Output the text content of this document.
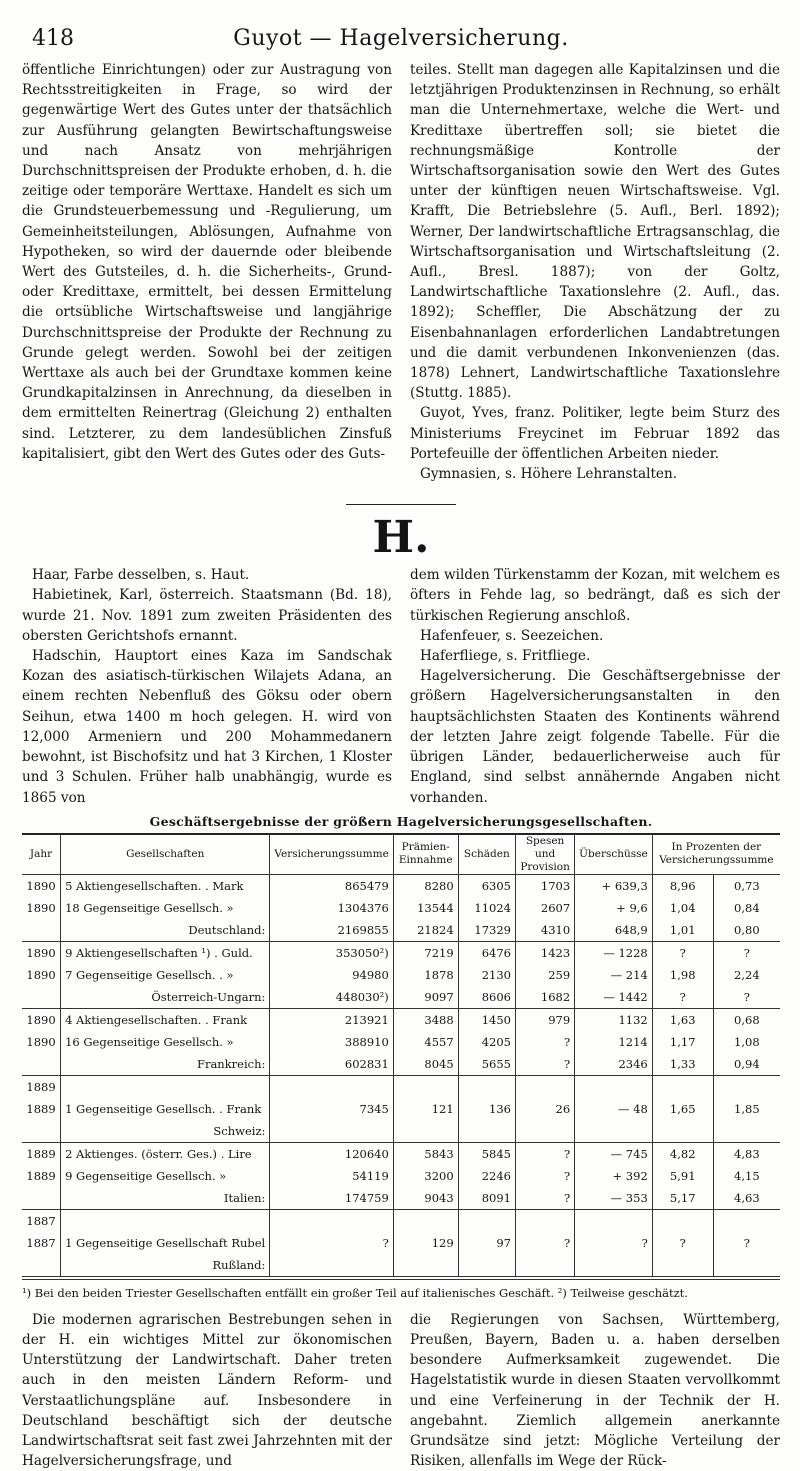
418	Guyot — Hagelversicherung.

öffentliche Einrichtungen) oder zur Austragung von Rechtsstreitigkeiten in Frage, so wird der gegenwärtige Wert des Gutes unter der thatsächlich zur Ausführung gelangten Bewirtschaftungsweise und nach Ansatz von mehrjährigen Durchschnittspreisen der Produkte erhoben, d. h. die zeitige oder temporäre Werttaxe. Handelt es sich um die Grundsteuerbemessung und -Regulierung, um Gemeinheitsteilungen, Ablösungen, Aufnahme von Hypotheken, so wird der dauernde oder bleibende Wert des Gutsteiles, d. h. die Sicherheits-, Grund- oder Kredittaxe, ermittelt, bei dessen Ermittelung die ortsübliche Wirtschaftsweise und langjährige Durchschnittspreise der Produkte der Rechnung zu Grunde gelegt werden. Sowohl bei der zeitigen Werttaxe als auch bei der Grundtaxe kommen keine Grundkapitalzinsen in Anrechnung, da dieselben in dem ermittelten Reinertrag (Gleichung 2) enthalten sind. Letzterer, zu dem landesüblichen Zinsfuß kapitalisiert, gibt den Wert des Gutes oder des Guts-

teiles. Stellt man dagegen alle Kapitalzinsen und die letztjährigen Produktenzinsen in Rechnung, so erhält man die Unternehmertaxe, welche die Wert- und Kredittaxe übertreffen soll; sie bietet die rechnungsmäßige Kontrolle der Wirtschaftsorganisation sowie den Wert des Gutes unter der künftigen neuen Wirtschaftsweise. Vgl. Krafft, Die Betriebslehre (5. Aufl., Berl. 1892); Werner, Der landwirtschaftliche Ertragsanschlag, die Wirtschaftsorganisation und Wirtschaftsleitung (2. Aufl., Bresl. 1887); von der Goltz, Landwirtschaftliche Taxationslehre (2. Aufl., das. 1892); Scheffler, Die Abschätzung der zu Eisenbahnanlagen erforderlichen Landabtretungen und die damit verbundenen Inkonvenienzen (das. 1878) Lehnert, Landwirtschaftliche Taxationslehre (Stuttg. 1885).

Guyot, Yves, franz. Politiker, legte beim Sturz des Ministeriums Freycinet im Februar 1892 das Portefeuille der öffentlichen Arbeiten nieder.

Gymnasien, s. Höhere Lehranstalten.

H.

Haar, Farbe desselben, s. Haut.

Habietinek, Karl, österreich. Staatsmann (Bd. 18), wurde 21. Nov. 1891 zum zweiten Präsidenten des obersten Gerichtshofs ernannt.

Hadschin, Hauptort eines Kaza im Sandschak Kozan des asiatisch-türkischen Wilajets Adana, an einem rechten Nebenfluß des Göksu oder obern Seihun, etwa 1400 m hoch gelegen. H. wird von 12,000 Armeniern und 200 Mohammedanern bewohnt, ist Bischofsitz und hat 3 Kirchen, 1 Kloster und 3 Schulen. Früher halb unabhängig, wurde es 1865 von

dem wilden Türkenstamm der Kozan, mit welchem es öfters in Fehde lag, so bedrängt, daß es sich der türkischen Regierung anschloß.

Hafenfeuer, s. Seezeichen.

Haferfliege, s. Fritfliege.

Hagelversicherung. Die Geschäftsergebnisse der größern Hagelversicherungsanstalten in den hauptsächlichsten Staaten des Kontinents während der letzten Jahre zeigt folgende Tabelle. Für die übrigen Länder, bedauerlicherweise auch für England, sind selbst annähernde Angaben nicht vorhanden.

Geschäftsergebnisse der größern Hagelversicherungsgesellschaften.
Jahr	Gesellschaften	Versicherungssumme	Prämien-Einnahme	Schäden	Spesen und Provision	Überschüsse	In Prozenten der Versicherungssumme	
1890	5 Aktiengesellschaften. . Mark	865479	8280	6305	1703	+ 639,3	8,96	0,73
1890	18 Gegenseitige Gesellsch. »	1304376	13544	11024	2607	+ 9,6	1,04	0,84
	Deutschland:	2169855	21824	17329	4310	648,9	1,01	0,80
1890	9 Aktiengesellschaften ¹) . Guld.	353050²)	7219	6476	1423	— 1228	?	?
1890	7 Gegenseitige Gesellsch. . »	94980	1878	2130	259	— 214	1,98	2,24
	Österreich-Ungarn:	448030²)	9097	8606	1682	— 1442	?	?
1890	4 Aktiengesellschaften. . Frank	213921	3488	1450	979	1132	1,63	0,68
1890	16 Gegenseitige Gesellsch. »	388910	4557	4205	?	1214	1,17	1,08
	Frankreich:	602831	8045	5655	?	2346	1,33	0,94
1889								
1889	1 Gegenseitige Gesellsch. . Frank	7345	121	136	26	— 48	1,65	1,85
	Schweiz:							
1889	2 Aktienges. (österr. Ges.) . Lire	120640	5843	5845	?	— 745	4,82	4,83
1889	9 Gegenseitige Gesellsch. »	54119	3200	2246	?	+ 392	5,91	4,15
	Italien:	174759	9043	8091	?	— 353	5,17	4,63
1887								
1887	1 Gegenseitige Gesellschaft Rubel	?	129	97	?	?	?	?
	Rußland:							
¹) Bei den beiden Triester Gesellschaften entfällt ein großer Teil auf italienisches Geschäft. ²) Teilweise geschätzt.

Die modernen agrarischen Bestrebungen sehen in der H. ein wichtiges Mittel zur ökonomischen Unterstützung der Landwirtschaft. Daher treten auch in den meisten Ländern Reform- und Verstaatlichungspläne auf. Insbesondere in Deutschland beschäftigt sich der deutsche Landwirtschaftsrat seit fast zwei Jahrzehnten mit der Hagelversicherungsfrage, und

die Regierungen von Sachsen, Württemberg, Preußen, Bayern, Baden u. a. haben derselben besondere Aufmerksamkeit zugewendet. Die Hagelstatistik wurde in diesen Staaten vervollkommt und eine Verfeinerung in der Technik der H. angebahnt. Ziemlich allgemein anerkannte Grundsätze sind jetzt: Mögliche Verteilung der Risiken, allenfalls im Wege der Rück-
